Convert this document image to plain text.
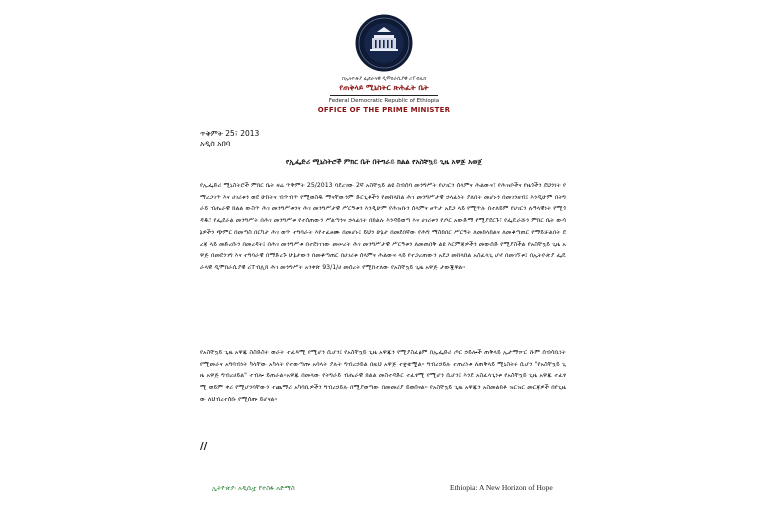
በኢትዮጵያ ፌደራላዊ ዲሞክራሲያዊ ሪፐብሊክ
የጠቅላይ ሚኒስትር ጽሕፈት ቤት
Federal Democratic Republic of Ethiopia
OFFICE OF THE PRIME MINISTER
ጥቅምት 25፣ 2013
አዲስ አበባ
የኢፌድሪ ሚኒስትሮች ምክር ቤት በትግራይ ክልል የአስቸኳይ ጊዜ አዋጅ አወጀ
የኢፌድሪ ሚኒስትሮች ምክር ቤት ዛሬ ጥቅምት 25/2013 ባደረገው 2ኛ አስቸኳይ ልዩ ስብሰባ መንግሥት የሀገርን ሰላምና ሕልውና፣ የሕዝቦችና የዜጎችን ደህንነት የማረጋገጥ እና ሀገሪቱን ወደ ሁከትና ብጥብጥ የሚወስዱ ማናቸውንም ድርጊቶችን የመከላከል ሕገ መንግሥታዊ ኃላፊነት ያለበት መሆኑን በመገንዘብ፤ እንዲሁም በትግራይ ብሔራዊ ክልል ውስጥ ሕገ መንግሥቱንና ሕገ መንግሥታዊ ሥርዓቱን እንዲሁም የሕዝቡን ሰላምና ፀጥታ አደጋ ላይ የሚጥሉ በተለይም የሀገርን ሉዓላዊነት የሚጎዳዱ፣ የፌደራል መንግሥት በሕገ መንግሥቱ የተሰጠውን ሥልጣንና ኃላፊነት በክልሉ እንዳይወጣ እና ሀገሪቱን የጦር አውድማ የሚያደርጉ፣ የፌዴራሹን ምክር ቤት ውሳኔዎችን ጭምር በመጣስ በርካታ ሕገ ወጥ ተግባራት እየተፈፀሙ በመሆኑ፤ ይህን ሁኔታ በመደበኛው የሕግ ማስከበር ሥርዓት ለመከላከልና ለመቆጣጠር የማይቻልበት ደረጃ ላይ መድረሱን በመረዳት፤ በሕገ መንግሥቱ በተደነገገው መሠረት ሕገ መንግሥታዊ ሥርዓቱን ለመጠበቅ ልዩ እርምጃዎችን መውሰድ የሚያስችል የአስቸኳይ ጊዜ አዋጅ በመደንገግ እና ተግባራዊ በማድረጉ ሁኔታውን በመቆጣጠር በሀገሪቱ ሰላምና ሕልውና ላይ የተጋረጠውን አደጋ መከላከል አስፈላጊ ሆኖ በመገኘቱ፤ በኢትዮጵያ ፌዴራላዊ ዲሞክራሲያዊ ሪፐብሊክ ሕገ መንግሥት አንቀጽ 93/1/ሀ መሰረት የሚከተለው የአስቸኳይ ጊዜ አዋጅ ታውጇዋል።
የአስቸኳይ ጊዜ አዋጁ ስስድስት ወራት ተፈጻሚ የሚሆን ሲሆን፤ የአስቸኳይ ጊዜ አዋጁን የሚያስፈፅም በኢፌድሪ ጦር ኃይሎች ጠቅላይ ኢታማዦር ሹም ሰብሳቢነት የሚመራና አግባብነት ካላቸው አካላት የተውጣጡ አባላት ያሉት ግብረኃይል በዚህ አዋጅ ተቋቁሟል። ግብረኃይሉ ተጠሪነቱ ለጠቅላይ ሚኒስትሩ ሲሆን "የአስቸኳይ ጊዜ አዋጅ ግብረሀይል" ተብሎ ይጠራል።አዋጁ በመላው የትግራይ ብሔራዊ ክልል መስተዳድር ተፈፃሚ የሚሆን ሲሆን፤ እንደ አስፈላጊነቱ የአስቸኳይ ጊዜ አዋጁ ተፈፃሚ ወይም ቀሪ የሚሆንባቸውን ተጨማሪ አካባቢዎችን ግብረኃይሉ በሚያወጣው በመመሪያ ይወሰናል። የአስቸኳይ ጊዜ አዋጁን አስመልክቶ ዝርዝር መርጃዎች በየጊዜው ለህብረተሰቡ የሚሰጡ ይሆናል።
//
ኢትዮጵያ፡ አዲሲቷ የተስፋ አድማስ	Ethiopia: A New Horizon of Hope
